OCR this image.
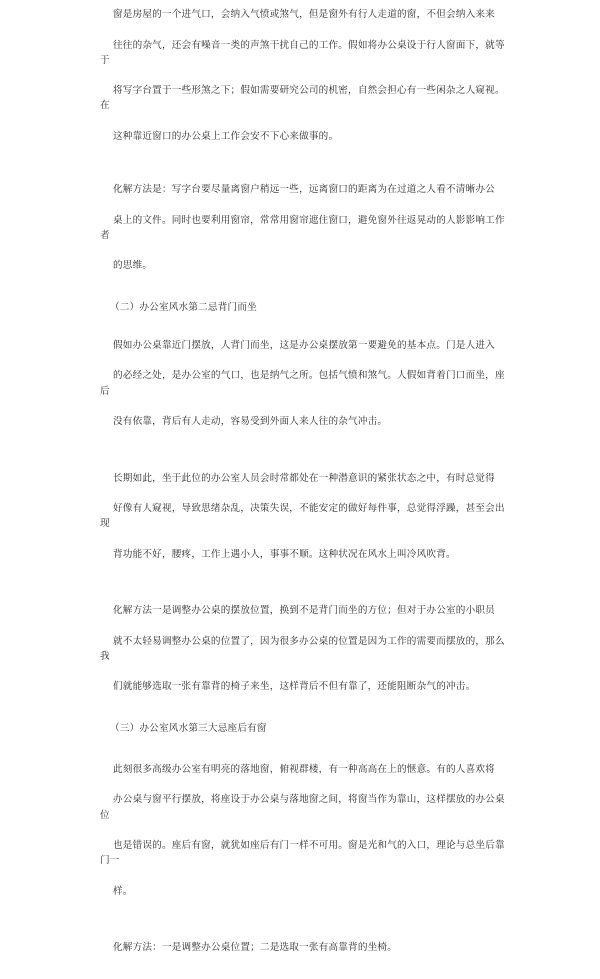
窗是房屋的一个进气口，会纳入气愤或煞气，但是窗外有行人走道的窗，不但会纳入来来

往往的杂气，还会有噪音一类的声煞干扰自己的工作。假如将办公桌设于行人窗面下，就等于

将写字台置于一些形煞之下；假如需要研究公司的机密，自然会担心有一些闲杂之人窥视。在

这种靠近窗口的办公桌上工作会安不下心来做事的。

化解方法是：写字台要尽量离窗户稍远一些，远离窗口的距离为在过道之人看不清晰办公

桌上的文件。同时也要利用窗帘，常常用窗帘遮住窗口，避免窗外往返晃动的人影影响工作者

的思维。

（二）办公室风水第二忌背门而坐

假如办公桌靠近门摆放，人背门而坐，这是办公桌摆放第一要避免的基本点。门是人进入

的必经之处，是办公室的气口，也是纳气之所。包括气愤和煞气。人假如背着门口而坐，座后

没有依靠，背后有人走动，容易受到外面人来人往的杂气冲击。

长期如此，坐于此位的办公室人员会时常都处在一种潜意识的紧张状态之中，有时总觉得

好像有人窥视，导致思绪杂乱，决策失误，不能安定的做好每件事，总觉得浮躁，甚至会出现

背功能不好，腰疼，工作上遇小人，事事不顺。这种状况在风水上叫冷风吹背。

化解方法一是调整办公桌的摆放位置，换到不是背门而坐的方位；但对于办公室的小职员

就不太轻易调整办公桌的位置了，因为很多办公桌的位置是因为工作的需要而摆放的，那么我

们就能够选取一张有靠背的椅子来坐，这样背后不但有靠了，还能阻断杂气的冲击。

（三）办公室风水第三大忌座后有窗

此刻很多高级办公室有明亮的落地窗，俯视群楼，有一种高高在上的惬意。有的人喜欢将

办公桌与窗平行摆放，将座设于办公桌与落地窗之间，将窗当作为靠山，这样摆放的办公桌位

也是错误的。座后有窗，就犹如座后有门一样不可用。窗是光和气的入口，理论与总坐后靠门一

样。

化解方法：一是调整办公桌位置；二是选取一张有高靠背的坐椅。
